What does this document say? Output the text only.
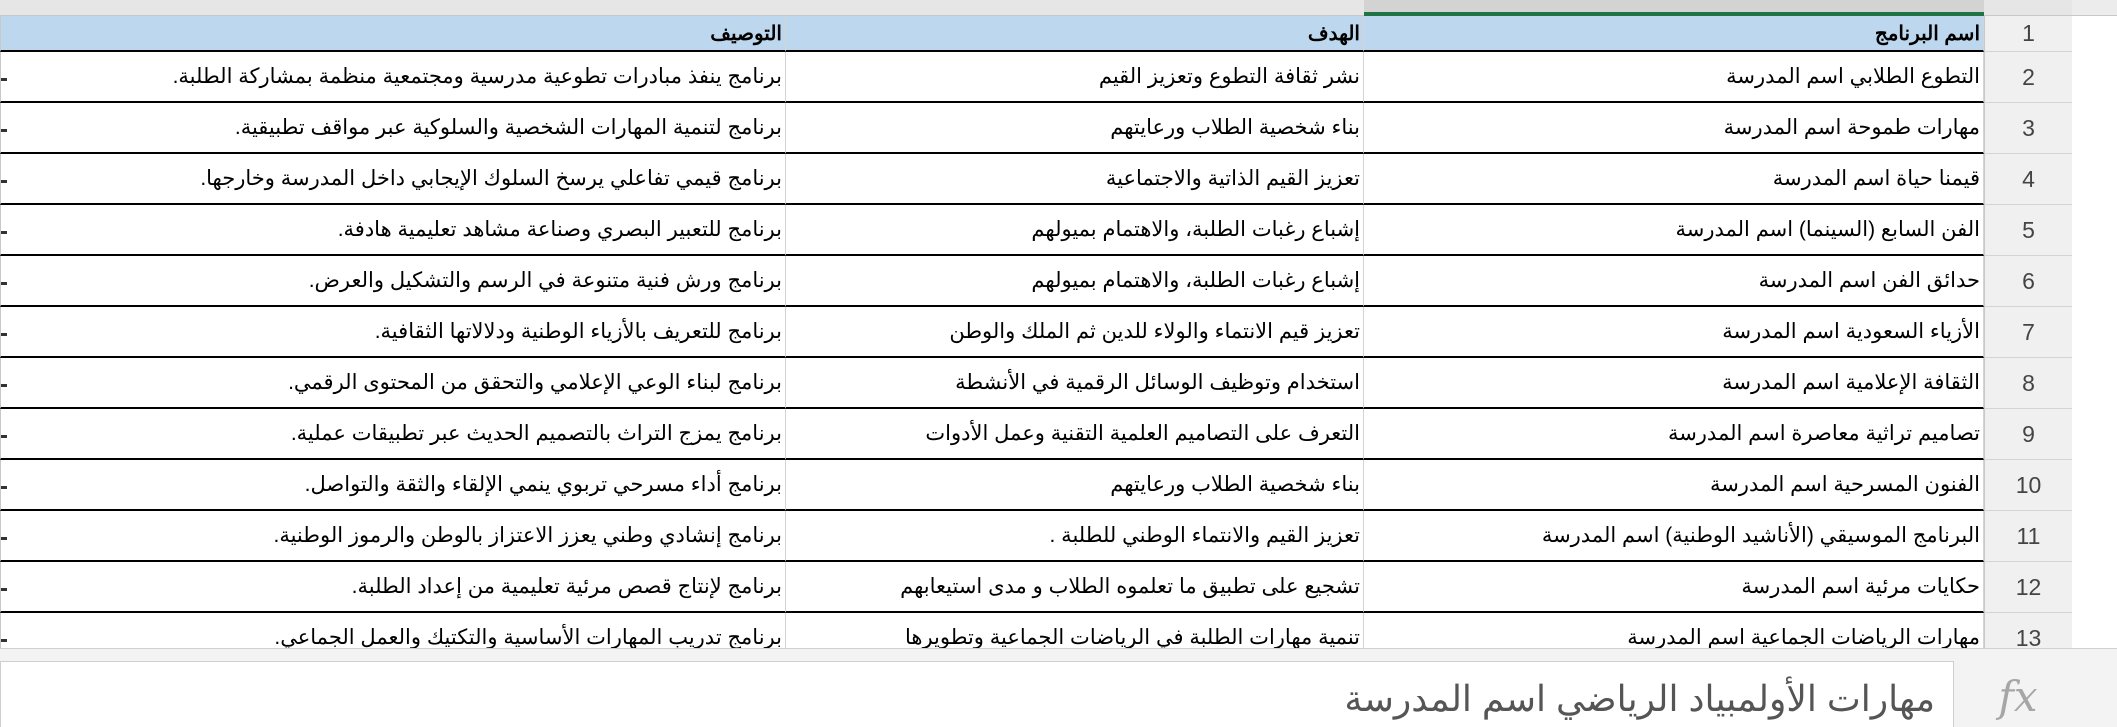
التوصيف	الهدف	اسم البرنامج	1
برنامج ينفذ مبادرات تطوعية مدرسية ومجتمعية منظمة بمشاركة الطلبة.	نشر ثقافة التطوع وتعزيز القيم	التطوع الطلابي اسم المدرسة	2
برنامج لتنمية المهارات الشخصية والسلوكية عبر مواقف تطبيقية.	بناء شخصية الطلاب ورعايتهم	مهارات طموحة اسم المدرسة	3
برنامج قيمي تفاعلي يرسخ السلوك الإيجابي داخل المدرسة وخارجها.	تعزيز القيم الذاتية والاجتماعية	قيمنا حياة اسم المدرسة	4
برنامج للتعبير البصري وصناعة مشاهد تعليمية هادفة.	إشباع رغبات الطلبة، والاهتمام بميولهم	الفن السابع (السينما) اسم المدرسة	5
برنامج ورش فنية متنوعة في الرسم والتشكيل والعرض.	إشباع رغبات الطلبة، والاهتمام بميولهم	حدائق الفن اسم المدرسة	6
برنامج للتعريف بالأزياء الوطنية ودلالاتها الثقافية.	تعزيز قيم الانتماء والولاء للدين ثم الملك والوطن	الأزياء السعودية اسم المدرسة	7
برنامج لبناء الوعي الإعلامي والتحقق من المحتوى الرقمي.	استخدام وتوظيف الوسائل الرقمية في الأنشطة	الثقافة الإعلامية اسم المدرسة	8
برنامج يمزج التراث بالتصميم الحديث عبر تطبيقات عملية.	التعرف على التصاميم العلمية التقنية وعمل الأدوات	تصاميم تراثية معاصرة اسم المدرسة	9
برنامج أداء مسرحي تربوي ينمي الإلقاء والثقة والتواصل.	بناء شخصية الطلاب ورعايتهم	الفنون المسرحية اسم المدرسة	10
برنامج إنشادي وطني يعزز الاعتزاز بالوطن والرموز الوطنية.	تعزيز القيم والانتماء الوطني للطلبة .	البرنامج الموسيقي (الأناشيد الوطنية) اسم المدرسة	11
برنامج لإنتاج قصص مرئية تعليمية من إعداد الطلبة.	تشجيع على تطبيق ما تعلموه الطلاب و مدى استيعابهم	حكايات مرئية اسم المدرسة	12
برنامج تدريب المهارات الأساسية والتكتيك والعمل الجماعي.	تنمية مهارات الطلبة في الرياضات الجماعية وتطويرها	مهارات الرياضات الجماعية اسم المدرسة	13
مهارات الأولمبياد الرياضي اسم المدرسة	fx
